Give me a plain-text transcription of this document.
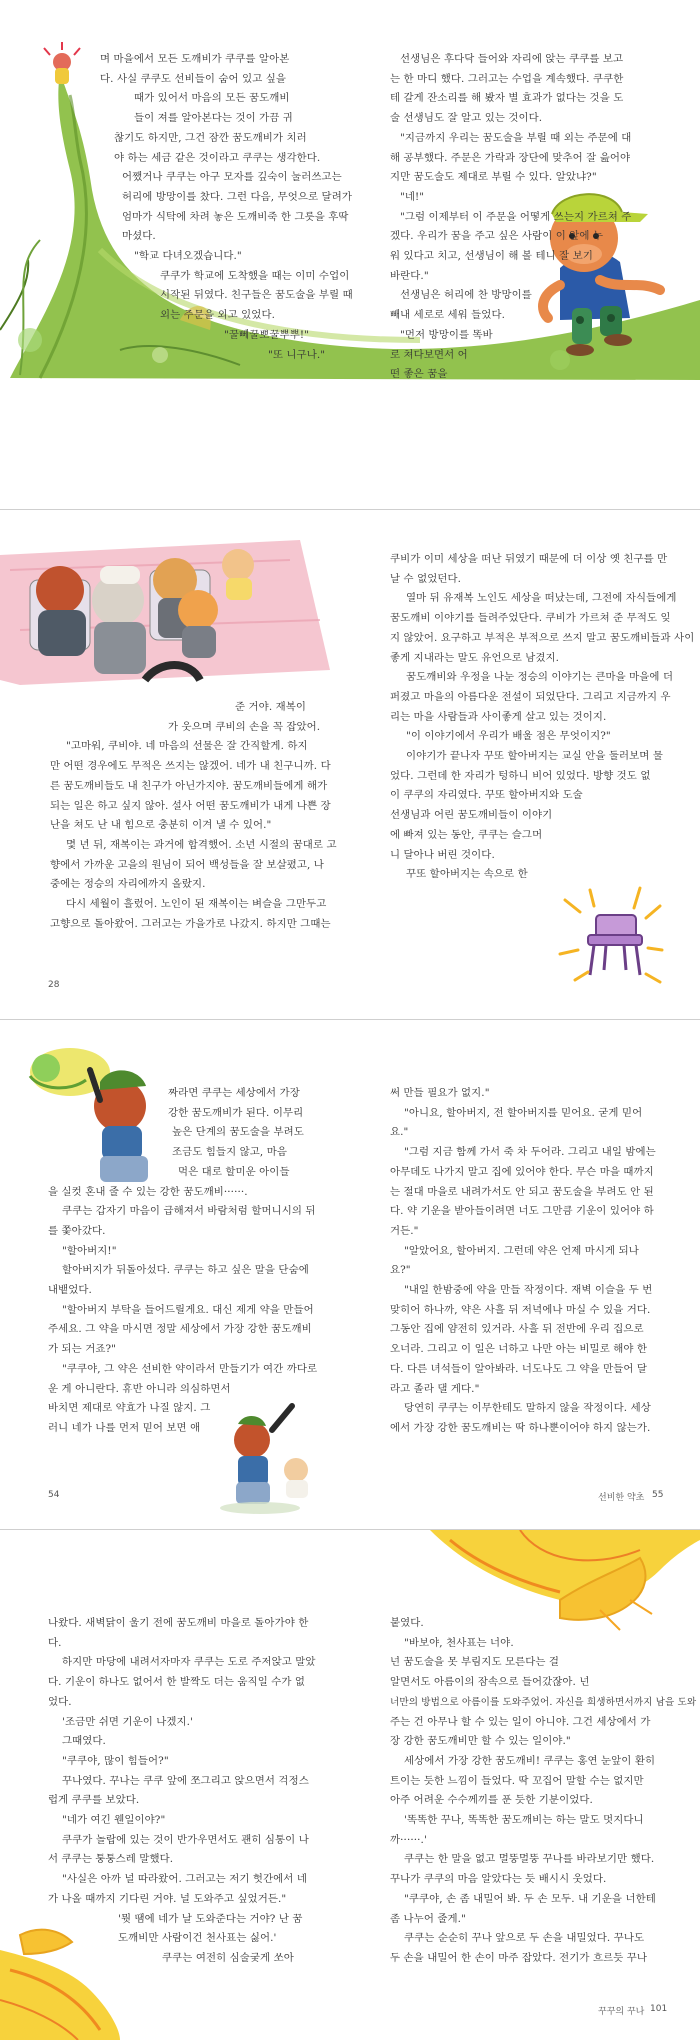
며 마을에서 모든 도깨비가 쿠쿠를 알아본

다. 사실 쿠쿠도 선비들이 숨어 있고 싶을

때가 있어서 마음의 모든 꿈도깨비

들이 져를 알아본다는 것이 가끔 귀

찮기도 하지만, 그건 잠깐 꿈도깨비가 치러

야 하는 세금 같은 것이라고 쿠쿠는 생각한다.

어쨌거나 쿠쿠는 아구 모자를 깊숙이 눌러쓰고는

허리에 방망이를 찼다. 그런 다음, 무엇으로 달려가

엄마가 식탁에 차려 놓은 도깨비죽 한 그릇을 후딱

마셨다.

"학교 다녀오겠습니다."

쿠쿠가 학교에 도착했을 때는 이미 수업이

시작된 뒤였다. 친구들은 꿈도술을 부릴 때

외는 주문을 외고 있었다.

"꿀뻬꿀뽀꿀뿌뿌!"

"또 니구나."

선생님은 후다닥 들어와 자리에 앉는 쿠쿠를 보고

는 한 마디 했다. 그러고는 수업을 계속했다. 쿠쿠한

테 갈게 잔소리를 해 봤자 별 효과가 없다는 것을 도

술 선생님도 잘 알고 있는 것이다.

"지금까지 우리는 꿈도술을 부릴 때 외는 주문에 대

해 공부했다. 주문은 가락과 장단에 맞추어 잘 읊어야

지만 꿈도술도 제대로 부릴 수 있다. 알았냐?"

"네!"

"그럼 이제부터 이 주문을 어떻게 쓰는지 가르쳐 주

겠다. 우리가 꿈을 주고 싶은 사람이 이 앞에 누

워 있다고 치고, 선생님이 해 볼 테니 잘 보기

바란다."

선생님은 허리에 찬 방망이를

빼내 세로로 세워 들었다.

"먼저 방망이를 똑바

로 쳐다보면서 어

떤 좋은 꿈을

준 거야. 재복이

가 웃으며 쿠비의 손을 꼭 잡았어.

"고마워, 쿠비야. 네 마음의 선물은 잘 간직할게. 하지

만 어떤 경우에도 무적은 쓰지는 않겠어. 네가 내 친구니까. 다

른 꿈도깨비들도 내 친구가 아닌가지야. 꿈도깨비들에게 해가

되는 일은 하고 싶지 않아. 설사 어떤 꿈도깨비가 내게 나쁜 장

난을 쳐도 난 내 힘으로 충분히 이겨 낼 수 있어."

몇 년 뒤, 재복이는 과거에 합격했어. 소년 시절의 꿈대로 고

향에서 가까운 고을의 원님이 되어 백성들을 잘 보살폈고, 나

중에는 정승의 자리에까지 올랐지.

다시 세월이 흘렀어. 노인이 된 재복이는 벼슬을 그만두고

고향으로 돌아왔어. 그러고는 가을가로 나갔지. 하지만 그때는

28

쿠비가 이미 세상을 떠난 뒤였기 때문에 더 이상 옛 친구를 만

날 수 없었던다.

열마 뒤 유재복 노인도 세상을 떠났는데, 그전에 자식들에게

꿈도깨비 이야기를 들려주었단다. 쿠비가 가르쳐 준 무적도 잊

지 않았어. 요구하고 부적은 부적으로 쓰지 말고 꿈도깨비들과 사이

좋게 지내라는 말도 유언으로 남겼지.

꿈도깨비와 우정을 나눈 정승의 이야기는 큰마을 마을에 더

퍼졌고 마을의 아름다운 전설이 되었단다. 그리고 지금까지 우

리는 마을 사람들과 사이좋게 살고 있는 것이지.

"이 이야기에서 우리가 배울 점은 무엇이지?"

이야기가 끝나자 꾸또 할아버지는 교실 안을 둘러보며 물

었다. 그런데 한 자리가 텅하니 비어 있었다. 방향 것도 없

이 쿠쿠의 자리였다. 꾸또 할아버지와 도술

선생님과 어린 꿈도깨비들이 이야기

에 빠져 있는 동안, 쿠쿠는 슬그머

니 달아나 버린 것이다.

꾸또 할아버지는 속으로 한

짜라면 쿠쿠는 세상에서 가장

강한 꿈도깨비가 된다. 이무리

높은 단계의 꿈도술을 부려도

조금도 힘들지 않고, 마음

먹은 대로 할미운 아이들

을 실컷 혼내 줄 수 있는 강한 꿈도깨비······.

쿠쿠는 갑자기 마음이 급해져서 바람처럼 할머니시의 뒤

를 쫓아갔다.

"할아버지!"

할아버지가 뒤돌아섰다. 쿠쿠는 하고 싶은 말을 단숨에

내뱉었다.

"할아버지 부탁을 들어드릴게요. 대신 제게 약을 만들어

주세요. 그 약을 마시면 정말 세상에서 가장 강한 꿈도깨비

가 되는 거죠?"

"쿠쿠야, 그 약은 선비한 약이라서 만들기가 여간 까다로

운 게 아니란다. 휴반 아니라 의심하면서

바치면 제대로 약효가 나질 않지. 그

러니 네가 나를 먼저 믿어 보면 애

54

써 만들 필요가 없지."

"아니요, 할아버지, 전 할아버지를 믿어요. 굳게 믿어

요."

"그럼 지금 함께 가서 죽 차 두어라. 그리고 내일 밤에는

아무데도 나가지 말고 집에 있어야 한다. 무슨 마을 때까지

는 절대 마을로 내려가서도 안 되고 꿈도술을 부려도 안 된

다. 약 기운을 받아들이려면 너도 그만큼 기운이 있어야 하

거든."

"알았어요, 할아버지. 그런데 약은 언제 마시게 되나

요?"

"내일 한밤중에 약을 만들 작정이다. 재벽 이슬을 두 번

맞히어 하나까, 약은 사흘 뒤 저녁에나 마실 수 있을 거다.

그동안 집에 얌전히 있거라. 사흘 뒤 전반에 우리 집으로

오너라. 그리고 이 일은 너하고 나만 아는 비밀로 해야 한

다. 다른 녀석들이 알아봐라. 너도나도 그 약을 만들어 달

라고 졸라 댈 게다."

당연히 쿠쿠는 이무한테도 말하지 않을 작정이다. 세상

에서 가장 강한 꿈도깨비는 딱 하나뿐이어야 하지 않는가.

선비한 약초 55

나왔다. 새벽닭이 울기 전에 꿈도깨비 마을로 돌아가야 한

다.

하지만 마당에 내려서자마자 쿠쿠는 도로 주저앉고 말았

다. 기운이 하나도 없어서 한 발짝도 더는 움직일 수가 없

었다.

'조금만 쉬면 기운이 나겠지.'

그때였다.

"쿠쿠야, 많이 힘들어?"

꾸나였다. 꾸나는 쿠쿠 앞에 쪼그리고 앉으면서 걱정스

럽게 쿠쿠를 보았다.

"네가 여긴 웬일이야?"

쿠쿠가 놀랍에 있는 것이 반가우면서도 괜히 심통이 나

서 쿠쿠는 퉁퉁스레 말했다.

"사실은 아까 널 따라왔어. 그러고는 저기 헛간에서 네

가 나올 때까지 기다린 거야. 널 도와주고 싶었거든."

'뭣 땜에 네가 날 도와준다는 거야? 난 꿈

도깨비만 사람이건 천사표는 싫어.'

쿠쿠는 여전히 심술궂게 쏘아

붙였다.

"바보야, 천사표는 너야.

넌 꿈도술을 못 부림지도 모른다는 걸

알면서도 아름이의 잠속으로 들어갔잖아. 넌

너만의 방법으로 아름이를 도와주었어. 자신을 희생하면서까지 남을 도와

주는 건 아무나 할 수 있는 일이 아니야. 그건 세상에서 가

장 강한 꿈도깨비만 할 수 있는 일이야."

세상에서 가장 강한 꿈도깨비! 쿠쿠는 홍연 눈앞이 환히

트이는 듯한 느낌이 들었다. 딱 꼬집어 말할 수는 없지만

아주 어려운 수수께끼를 푼 듯한 기분이었다.

'똑똑한 꾸나, 똑똑한 꿈도깨비는 하는 말도 멋지다니

까······.'

쿠쿠는 한 말을 없고 멀뚱멀뚱 꾸나를 바라보기만 했다.

꾸나가 쿠쿠의 마음 알았다는 듯 배시시 웃었다.

"쿠쿠야, 손 좀 내밀어 봐. 두 손 모두. 내 기운을 너한테

좀 나누어 줄게."

쿠쿠는 순순히 꾸나 앞으로 두 손을 내밀었다. 꾸나도

두 손을 내밀어 한 손이 마주 잡았다. 전기가 흐르듯 꾸나

꾸꾸의 꾸나 101
